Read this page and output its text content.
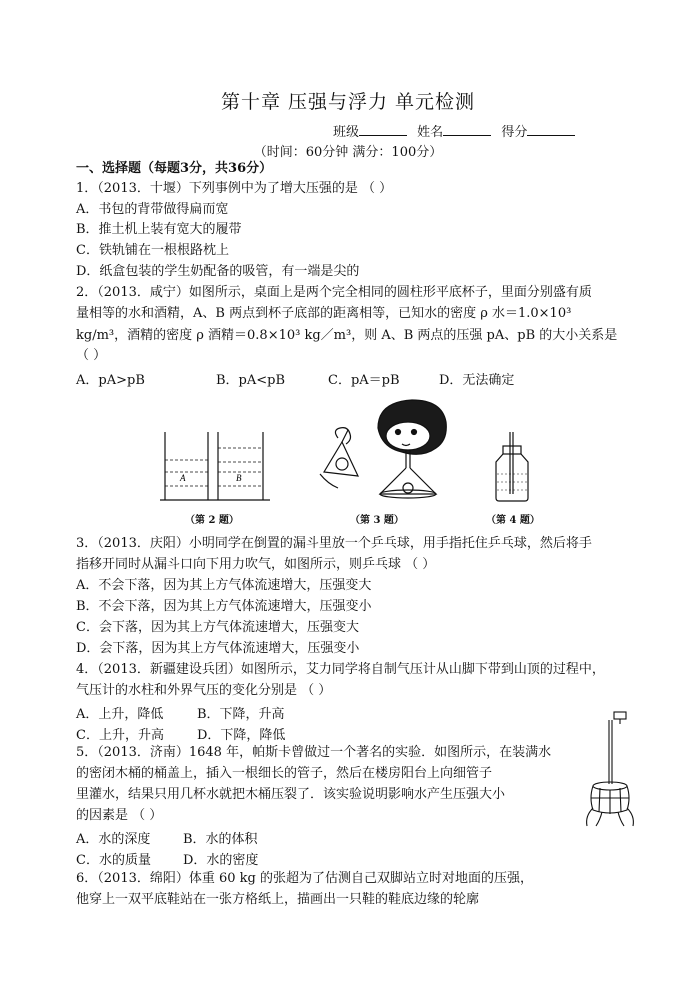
第十章 压强与浮力 单元检测
班级	姓名	得分
（时间：60分钟 满分：100分）
一、选择题（每题3分，共36分）
1．（2013．十堰）下列事例中为了增大压强的是 （ ）
A．书包的背带做得扁而宽
B．推土机上装有宽大的履带
C．铁轨铺在一根根路枕上
D．纸盒包装的学生奶配备的吸管，有一端是尖的
2．（2013．咸宁）如图所示，桌面上是两个完全相同的圆柱形平底杯子，里面分别盛有质
量相等的水和酒精，A、B 两点到杯子底部的距离相等，已知水的密度 ρ 水＝1.0×10³
kg/m³，酒精的密度 ρ 酒精＝0.8×10³ kg／m³，则 A、B 两点的压强 pA、pB 的大小关系是
（ ）
A．pA>pB	B．pA<pB	C．pA＝pB	D．无法确定
A	B
（第 2 题）	（第 3 题）	（第 4 题）
3．（2013．庆阳）小明同学在倒置的漏斗里放一个乒乓球，用手指托住乒乓球，然后将手
指移开同时从漏斗口向下用力吹气，如图所示，则乒乓球 （ ）
A．不会下落，因为其上方气体流速增大，压强变大
B．不会下落，因为其上方气体流速增大，压强变小
C．会下落，因为其上方气体流速增大，压强变大
D．会下落，因为其上方气体流速增大，压强变小
4．（2013．新疆建设兵团）如图所示，艾力同学将自制气压计从山脚下带到山顶的过程中，
气压计的水柱和外界气压的变化分别是 （ ）
A．上升，降低	B．下降，升高
C．上升，升高	D．下降，降低
5．（2013．济南）1648 年，帕斯卡曾做过一个著名的实验．如图所示，在装满水
的密闭木桶的桶盖上，插入一根细长的管子，然后在楼房阳台上向细管子
里灌水，结果只用几杯水就把木桶压裂了．该实验说明影响水产生压强大小
的因素是 （ ）
A．水的深度	B．水的体积
C．水的质量 D．水的密度
6．（2013．绵阳）体重 60 kg 的张超为了估测自己双脚站立时对地面的压强，
他穿上一双平底鞋站在一张方格纸上，描画出一只鞋的鞋底边缘的轮廓
